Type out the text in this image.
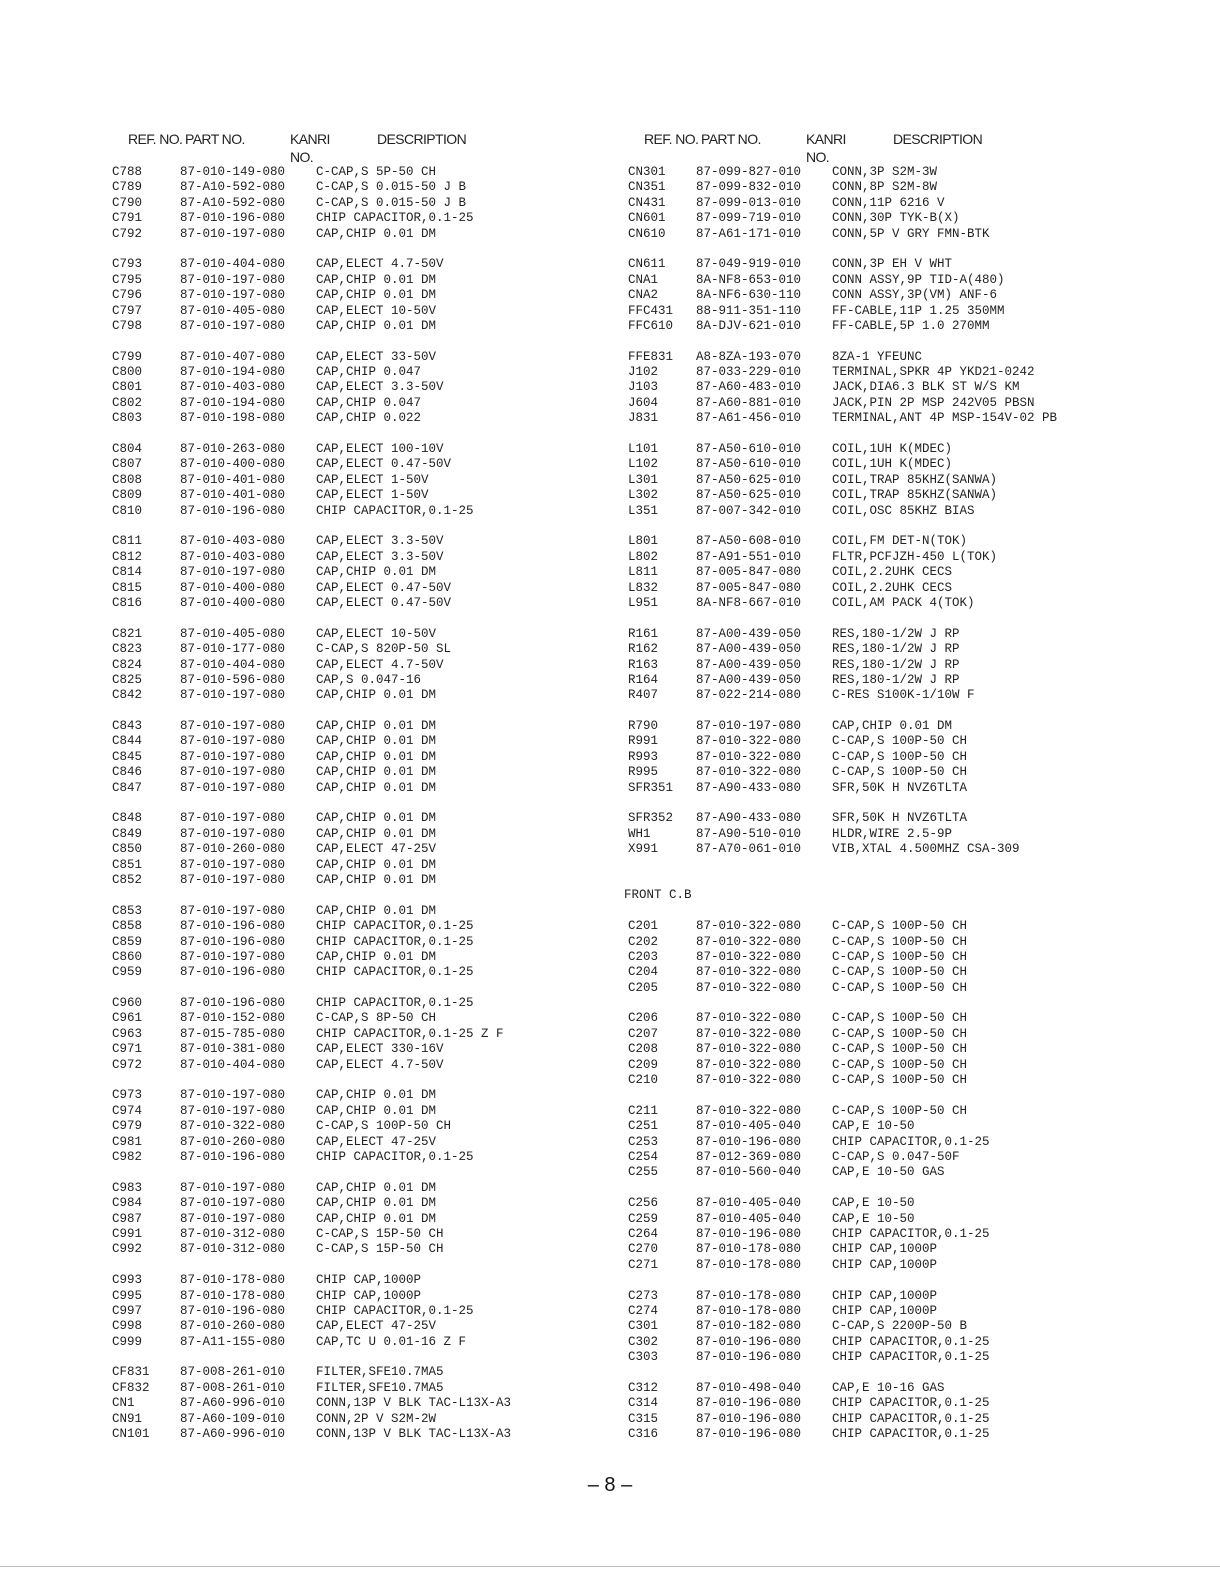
REF. NO. PART NO.	KANRI
NO.
DESCRIPTION
C788	87-010-149-080 C-CAP,S 5P-50 CH
C789	87-A10-592-080 C-CAP,S 0.015-50 J B
C790	87-A10-592-080 C-CAP,S 0.015-50 J B
C791	87-010-196-080 CHIP CAPACITOR,0.1-25
C792	87-010-197-080 CAP,CHIP 0.01 DM
C793	87-010-404-080 CAP,ELECT 4.7-50V
C795	87-010-197-080 CAP,CHIP 0.01 DM
C796	87-010-197-080 CAP,CHIP 0.01 DM
C797	87-010-405-080 CAP,ELECT 10-50V
C798	87-010-197-080 CAP,CHIP 0.01 DM
C799	87-010-407-080 CAP,ELECT 33-50V
C800	87-010-194-080 CAP,CHIP 0.047
C801	87-010-403-080 CAP,ELECT 3.3-50V
C802	87-010-194-080 CAP,CHIP 0.047
C803	87-010-198-080 CAP,CHIP 0.022
C804	87-010-263-080 CAP,ELECT 100-10V
C807	87-010-400-080 CAP,ELECT 0.47-50V
C808	87-010-401-080 CAP,ELECT 1-50V
C809	87-010-401-080 CAP,ELECT 1-50V
C810	87-010-196-080 CHIP CAPACITOR,0.1-25
C811	87-010-403-080 CAP,ELECT 3.3-50V
C812	87-010-403-080 CAP,ELECT 3.3-50V
C814	87-010-197-080 CAP,CHIP 0.01 DM
C815	87-010-400-080 CAP,ELECT 0.47-50V
C816	87-010-400-080 CAP,ELECT 0.47-50V
C821	87-010-405-080 CAP,ELECT 10-50V
C823	87-010-177-080 C-CAP,S 820P-50 SL
C824	87-010-404-080 CAP,ELECT 4.7-50V
C825	87-010-596-080 CAP,S 0.047-16
C842	87-010-197-080 CAP,CHIP 0.01 DM
C843	87-010-197-080 CAP,CHIP 0.01 DM
C844	87-010-197-080 CAP,CHIP 0.01 DM
C845	87-010-197-080 CAP,CHIP 0.01 DM
C846	87-010-197-080 CAP,CHIP 0.01 DM
C847	87-010-197-080 CAP,CHIP 0.01 DM
C848	87-010-197-080 CAP,CHIP 0.01 DM
C849	87-010-197-080 CAP,CHIP 0.01 DM
C850	87-010-260-080 CAP,ELECT 47-25V
C851	87-010-197-080 CAP,CHIP 0.01 DM
C852	87-010-197-080 CAP,CHIP 0.01 DM
C853	87-010-197-080 CAP,CHIP 0.01 DM
C858	87-010-196-080 CHIP CAPACITOR,0.1-25
C859	87-010-196-080 CHIP CAPACITOR,0.1-25
C860	87-010-197-080 CAP,CHIP 0.01 DM
C959	87-010-196-080 CHIP CAPACITOR,0.1-25
C960	87-010-196-080 CHIP CAPACITOR,0.1-25
C961	87-010-152-080 C-CAP,S 8P-50 CH
C963	87-015-785-080 CHIP CAPACITOR,0.1-25 Z F
C971	87-010-381-080 CAP,ELECT 330-16V
C972	87-010-404-080 CAP,ELECT 4.7-50V
C973	87-010-197-080 CAP,CHIP 0.01 DM
C974	87-010-197-080 CAP,CHIP 0.01 DM
C979	87-010-322-080 C-CAP,S 100P-50 CH
C981	87-010-260-080 CAP,ELECT 47-25V
C982	87-010-196-080 CHIP CAPACITOR,0.1-25
C983	87-010-197-080 CAP,CHIP 0.01 DM
C984	87-010-197-080 CAP,CHIP 0.01 DM
C987	87-010-197-080 CAP,CHIP 0.01 DM
C991	87-010-312-080 C-CAP,S 15P-50 CH
C992	87-010-312-080 C-CAP,S 15P-50 CH
C993	87-010-178-080 CHIP CAP,1000P
C995	87-010-178-080 CHIP CAP,1000P
C997	87-010-196-080 CHIP CAPACITOR,0.1-25
C998	87-010-260-080 CAP,ELECT 47-25V
C999	87-A11-155-080 CAP,TC U 0.01-16 Z F
CF831 87-008-261-010 FILTER,SFE10.7MA5
CF832 87-008-261-010 FILTER,SFE10.7MA5
CN1	87-A60-996-010 CONN,13P V BLK TAC-L13X-A3
CN91	87-A60-109-010 CONN,2P V S2M-2W
CN101 87-A60-996-010 CONN,13P V BLK TAC-L13X-A3
REF. NO. PART NO.	KANRI
NO.
DESCRIPTION
CN301 87-099-827-010 CONN,3P S2M-3W
CN351 87-099-832-010 CONN,8P S2M-8W
CN431 87-099-013-010 CONN,11P 6216 V
CN601 87-099-719-010 CONN,30P TYK-B(X)
CN610 87-A61-171-010 CONN,5P V GRY FMN-BTK
CN611 87-049-919-010 CONN,3P EH V WHT
CNA1	8A-NF8-653-010 CONN ASSY,9P TID-A(480)
CNA2	8A-NF6-630-110 CONN ASSY,3P(VM) ANF-6
FFC431 88-911-351-110 FF-CABLE,11P 1.25 350MM
FFC610 8A-DJV-621-010 FF-CABLE,5P 1.0 270MM
FFE831 A8-8ZA-193-070 8ZA-1 YFEUNC
J102	87-033-229-010 TERMINAL,SPKR 4P YKD21-0242
J103	87-A60-483-010 JACK,DIA6.3 BLK ST W/S KM
J604	87-A60-881-010 JACK,PIN 2P MSP 242V05 PBSN
J831	87-A61-456-010 TERMINAL,ANT 4P MSP-154V-02 PB
L101	87-A50-610-010 COIL,1UH K(MDEC)
L102	87-A50-610-010 COIL,1UH K(MDEC)
L301	87-A50-625-010 COIL,TRAP 85KHZ(SANWA)
L302	87-A50-625-010 COIL,TRAP 85KHZ(SANWA)
L351	87-007-342-010 COIL,OSC 85KHZ BIAS
L801	87-A50-608-010 COIL,FM DET-N(TOK)
L802	87-A91-551-010 FLTR,PCFJZH-450 L(TOK)
L811	87-005-847-080 COIL,2.2UHK CECS
L832	87-005-847-080 COIL,2.2UHK CECS
L951	8A-NF8-667-010 COIL,AM PACK 4(TOK)
R161	87-A00-439-050 RES,180-1/2W J RP
R162	87-A00-439-050 RES,180-1/2W J RP
R163	87-A00-439-050 RES,180-1/2W J RP
R164	87-A00-439-050 RES,180-1/2W J RP
R407	87-022-214-080 C-RES S100K-1/10W F
R790	87-010-197-080 CAP,CHIP 0.01 DM
R991	87-010-322-080 C-CAP,S 100P-50 CH
R993	87-010-322-080 C-CAP,S 100P-50 CH
R995	87-010-322-080 C-CAP,S 100P-50 CH
SFR351 87-A90-433-080 SFR,50K H NVZ6TLTA
SFR352 87-A90-433-080 SFR,50K H NVZ6TLTA
WH1	87-A90-510-010 HLDR,WIRE 2.5-9P
X991	87-A70-061-010 VIB,XTAL 4.500MHZ CSA-309
FRONT C.B
C201	87-010-322-080 C-CAP,S 100P-50 CH
C202	87-010-322-080 C-CAP,S 100P-50 CH
C203	87-010-322-080 C-CAP,S 100P-50 CH
C204	87-010-322-080 C-CAP,S 100P-50 CH
C205	87-010-322-080 C-CAP,S 100P-50 CH
C206	87-010-322-080 C-CAP,S 100P-50 CH
C207	87-010-322-080 C-CAP,S 100P-50 CH
C208	87-010-322-080 C-CAP,S 100P-50 CH
C209	87-010-322-080 C-CAP,S 100P-50 CH
C210	87-010-322-080 C-CAP,S 100P-50 CH
C211	87-010-322-080 C-CAP,S 100P-50 CH
C251	87-010-405-040 CAP,E 10-50
C253	87-010-196-080 CHIP CAPACITOR,0.1-25
C254	87-012-369-080 C-CAP,S 0.047-50F
C255	87-010-560-040 CAP,E 10-50 GAS
C256	87-010-405-040 CAP,E 10-50
C259	87-010-405-040 CAP,E 10-50
C264	87-010-196-080 CHIP CAPACITOR,0.1-25
C270	87-010-178-080 CHIP CAP,1000P
C271	87-010-178-080 CHIP CAP,1000P
C273	87-010-178-080 CHIP CAP,1000P
C274	87-010-178-080 CHIP CAP,1000P
C301	87-010-182-080 C-CAP,S 2200P-50 B
C302	87-010-196-080 CHIP CAPACITOR,0.1-25
C303	87-010-196-080 CHIP CAPACITOR,0.1-25
C312	87-010-498-040 CAP,E 10-16 GAS
C314	87-010-196-080 CHIP CAPACITOR,0.1-25
C315	87-010-196-080 CHIP CAPACITOR,0.1-25
C316	87-010-196-080 CHIP CAPACITOR,0.1-25
– 8 –
